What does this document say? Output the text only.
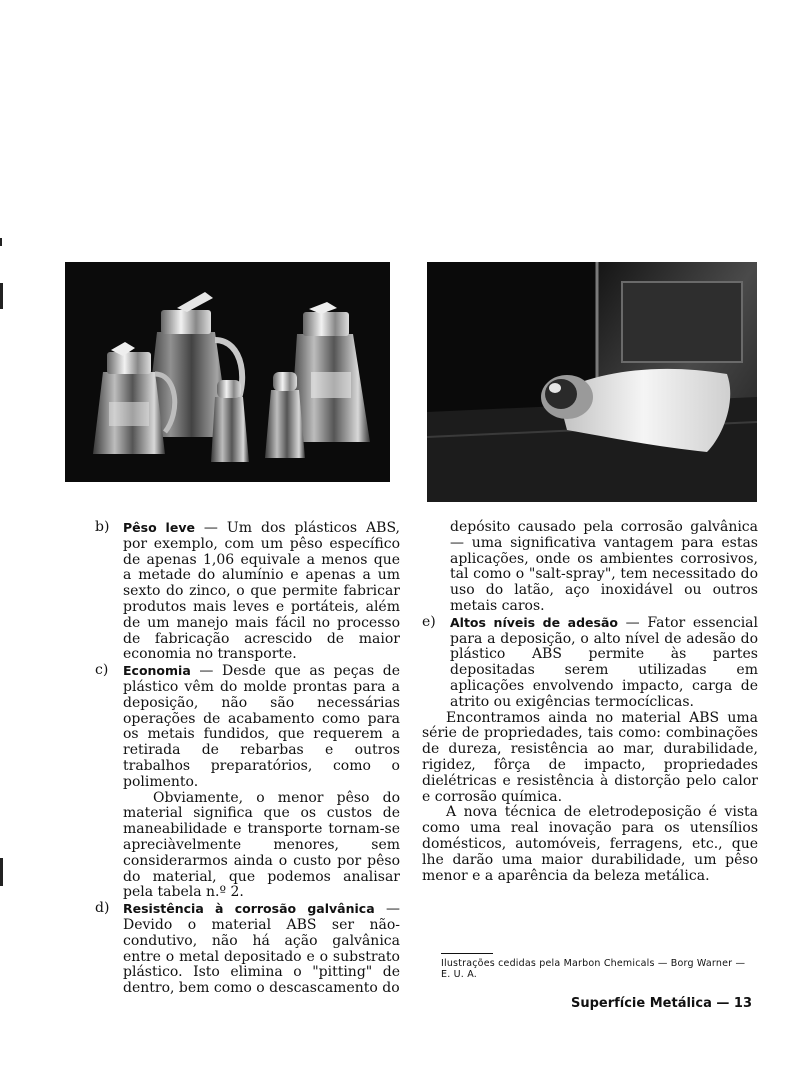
b) Pêso leve — Um dos plásticos ABS, por exemplo, com um pêso específico de apenas 1,06 equivale a menos que a metade do alumínio e apenas a um sexto do zinco, o que permite fabricar produtos mais leves e portáteis, além de um manejo mais fácil no processo de fabricação acrescido de maior economia no transporte.

c) Economia — Desde que as peças de plástico vêm do molde prontas para a deposição, não são necessárias operações de acabamento como para os metais fundidos, que requerem a retirada de rebarbas e outros trabalhos preparatórios, como o polimento.

Obviamente, o menor pêso do material significa que os custos de maneabilidade e transporte tornam-se apreciàvelmente menores, sem considerarmos ainda o custo por pêso do material, que podemos analisar pela tabela n.º 2.

d) Resistência à corrosão galvânica — Devido o material ABS ser não-condutivo, não há ação galvânica entre o metal depositado e o substrato plástico. Isto elimina o "pitting" de dentro, bem como o descascamento do

depósito causado pela corrosão galvânica — uma significativa vantagem para estas aplicações, onde os ambientes corrosivos, tal como o "salt-spray", tem necessitado do uso do latão, aço inoxidável ou outros metais caros.

e) Altos níveis de adesão — Fator essencial para a deposição, o alto nível de adesão do plástico ABS permite às partes depositadas serem utilizadas em aplicações envolvendo impacto, carga de atrito ou exigências termocíclicas.

Encontramos ainda no material ABS uma série de propriedades, tais como: combinações de dureza, resistência ao mar, durabilidade, rigidez, fôrça de impacto, propriedades dielétricas e resistência à distorção pelo calor e corrosão química.

A nova técnica de eletrodeposição é vista como uma real inovação para os utensílios domésticos, automóveis, ferragens, etc., que lhe darão uma maior durabilidade, um pêso menor e a aparência da beleza metálica.

Ilustrações cedidas pela Marbon Chemicals — Borg Warner — E. U. A.
Superfície Metálica — 13
